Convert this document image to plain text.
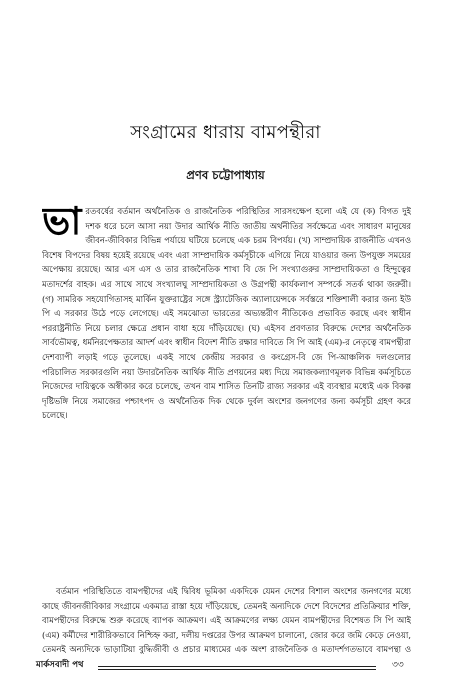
সংগ্রামের ধারায় বামপন্থীরা
প্রণব চট্টোপাধ্যায়

ভারতবর্ষের বর্তমান অর্থনৈতিক ও রাজনৈতিক পরিস্থিতির সারসংক্ষেপ হলো এই যে (ক) বিগত দুই দশক ধরে চলে আসা নয়া উদার আর্থিক নীতি জাতীয় অর্থনীতির সর্বক্ষেত্রে এবং সাধারণ মানুষের জীবন-জীবিকার বিভিন্ন পর্যায়ে ঘটিয়ে চলেছে এক চরম বিপর্যয়। (খ) সাম্প্রদায়িক রাজনীতি এখনও বিশেষ বিপদের বিষয় হয়েই রয়েছে এবং এরা সাম্প্রদায়িক কর্মসূচীকে এগিয়ে নিয়ে যাওয়ার জন্য উপযুক্ত সময়ের অপেক্ষায় রয়েছে। আর এস এস ও তার রাজনৈতিক শাখা বি জে পি সংখ্যাগুরুর সাম্প্রদায়িকতা ও হিন্দুত্বের মতাদর্শের বাহক। এর সাথে সাথে সংখ্যালঘু সাম্প্রদায়িকতা ও উগ্রপন্থী কার্যকলাপ সম্পর্কে সতর্ক থাকা জরুরী। (গ) সামরিক সহযোগিতাসহ মার্কিন যুক্তরাষ্ট্রের সঙ্গে স্ট্র্যাটেজিক অ্যালায়েন্সকে সর্বস্তরে শক্তিশালী করার জন্য ইউ পি এ সরকার উঠে পড়ে লেগেছে। এই সমঝোতা ভারতের অভ্যন্তরীণ নীতিকেও প্রভাবিত করছে এবং স্বাধীন পররাষ্ট্রনীতি নিয়ে চলার ক্ষেত্রে প্রধান বাধা হয়ে দাঁড়িয়েছে। (ঘ) এইসব প্রবণতার বিরুদ্ধে দেশের অর্থনৈতিক সার্বভৌমত্ব, ধর্মনিরপেক্ষতার আদর্শ এবং স্বাধীন বিদেশ নীতি রক্ষার দাবিতে সি পি আই (এম)-র নেতৃত্বে বামপন্থীরা দেশব্যাপী লড়াই গড়ে তুলেছে। একই সাথে কেন্দ্রীয় সরকার ও কংগ্রেস-বি জে পি-আঞ্চলিক দলগুলোর পরিচালিত সরকারগুলি নয়া উদারনৈতিক আর্থিক নীতি প্রণয়নের মধ্য দিয়ে সমাজকল্যাণমূলক বিভিন্ন কর্মসূচিতে নিজেদের দায়িত্বকে অস্বীকার করে চলেছে, তখন বাম শাসিত তিনটি রাজ্য সরকার এই ব্যবস্থার মধ্যেই এক বিকল্প দৃষ্টিভঙ্গি নিয়ে সমাজের পশ্চাৎপদ ও অর্থনৈতিক দিক থেকে দুর্বল অংশের জনগণের জন্য কর্মসূচী গ্রহণ করে চলেছে।

বর্তমান পরিস্থিতিতে বামপন্থীদের এই দ্বিবিধ ভূমিকা একদিকে যেমন দেশের বিশাল অংশের জনগণের মধ্যে কাছে জীবনজীবিকার সংগ্রামে একমাত্র রাস্তা হয়ে দাঁড়িয়েছে, তেমনই অন্যদিকে দেশে বিদেশের প্রতিক্রিয়ার শক্তি, বামপন্থীদের বিরুদ্ধে শুরু করেছে ব্যাপক আক্রমণ। এই আক্রমণের লক্ষ্য যেমন বামপন্থীদের বিশেষত সি পি আই (এম) কর্মীদের শারীরিকভাবে নিশ্চিহ্ন করা, দলীয় দপ্তরের উপর আক্রমণ চালানো, জোর করে জমি কেড়ে নেওয়া, তেমনই অন্যদিকে ভাড়াটিয়া বুদ্ধিজীবী ও প্রচার মাধ্যমের এক অংশ রাজনৈতিক ও মতাদর্শগতভাবে বামপন্থা ও

মার্কসবাদী পথ	৩৩
